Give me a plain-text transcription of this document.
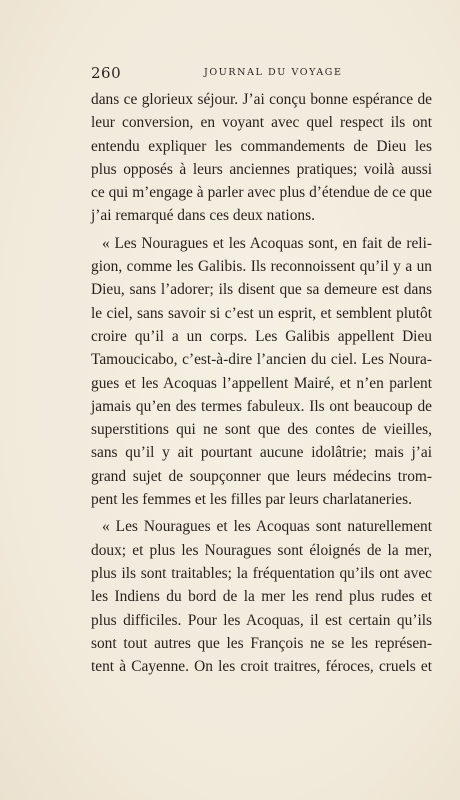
260	JOURNAL DU VOYAGE
dans ce glorieux séjour. J’ai conçu bonne espérance de
leur conversion, en voyant avec quel respect ils ont
entendu expliquer les commandements de Dieu les
plus opposés à leurs anciennes pratiques; voilà aussi
ce qui m’engage à parler avec plus d’étendue de ce que
j’ai remarqué dans ces deux nations.
« Les Nouragues et les Acoquas sont, en fait de reli-
gion, comme les Galibis. Ils reconnoissent qu’il y a un
Dieu, sans l’adorer; ils disent que sa demeure est dans
le ciel, sans savoir si c’est un esprit, et semblent plutôt
croire qu’il a un corps. Les Galibis appellent Dieu
Tamoucicabo, c’est-à-dire l’ancien du ciel. Les Noura-
gues et les Acoquas l’appellent Mairé, et n’en parlent
jamais qu’en des termes fabuleux. Ils ont beaucoup de
superstitions qui ne sont que des contes de vieilles,
sans qu’il y ait pourtant aucune idolâtrie; mais j’ai
grand sujet de soupçonner que leurs médecins trom-
pent les femmes et les filles par leurs charlataneries.
« Les Nouragues et les Acoquas sont naturellement
doux; et plus les Nouragues sont éloignés de la mer,
plus ils sont traitables; la fréquentation qu’ils ont avec
les Indiens du bord de la mer les rend plus rudes et
plus difficiles. Pour les Acoquas, il est certain qu’ils
sont tout autres que les François ne se les représen-
tent à Cayenne. On les croit traitres, féroces, cruels et
